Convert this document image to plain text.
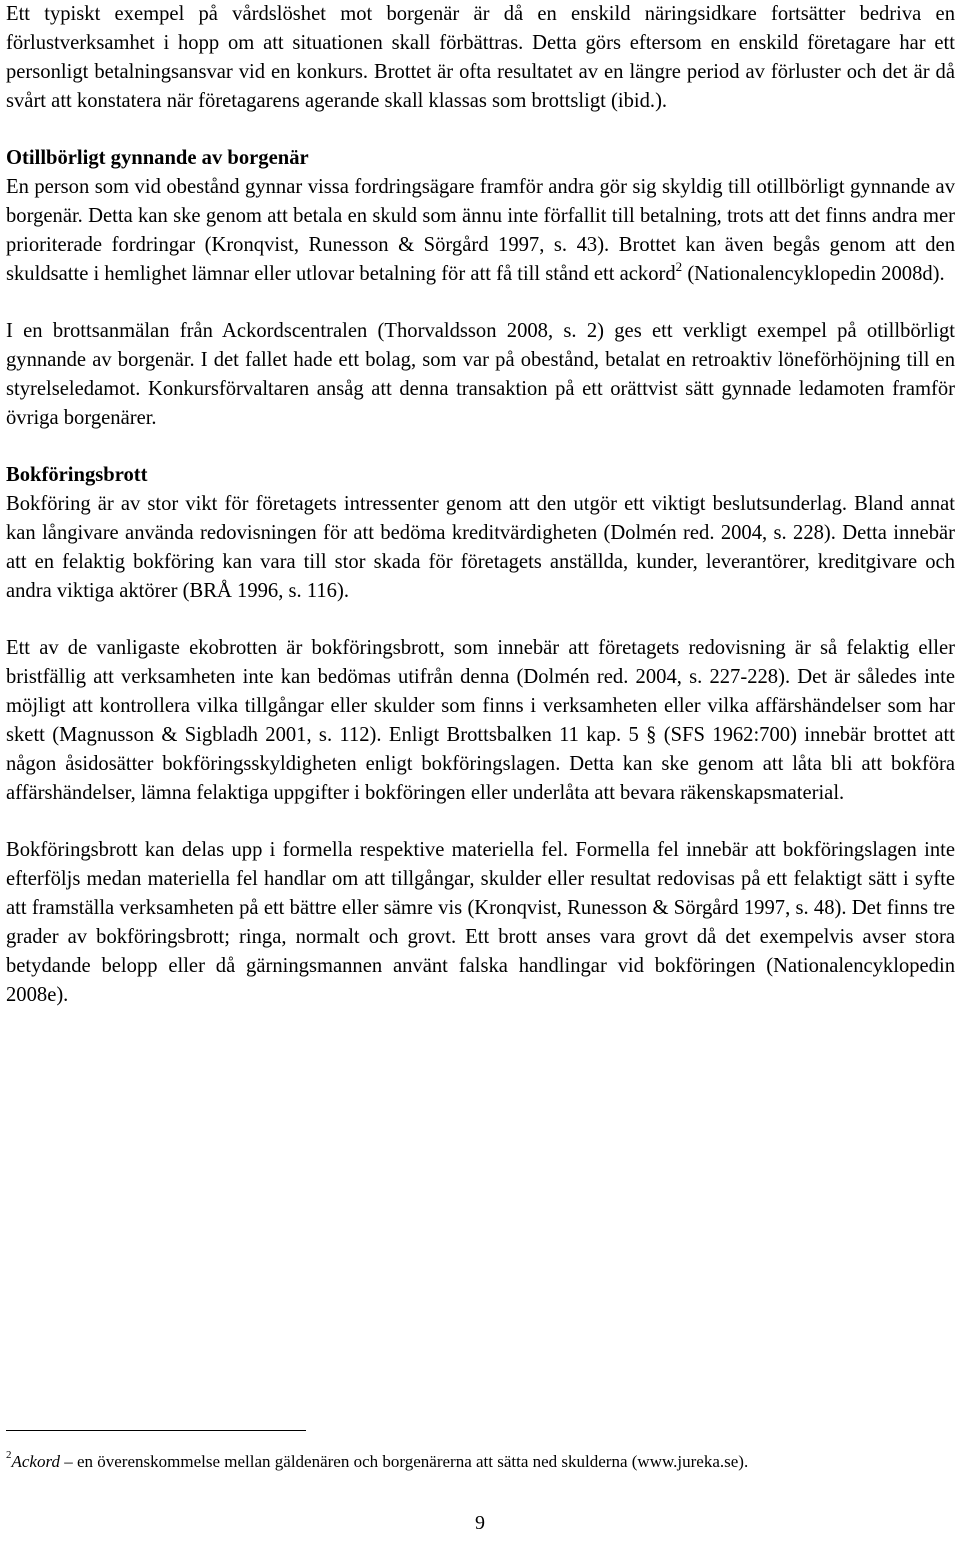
Ett typiskt exempel på vårdslöshet mot borgenär är då en enskild näringsidkare fortsätter bedriva en förlustverksamhet i hopp om att situationen skall förbättras. Detta görs eftersom en enskild företagare har ett personligt betalningsansvar vid en konkurs. Brottet är ofta resultatet av en längre period av förluster och det är då svårt att konstatera när företagarens agerande skall klassas som brottsligt (ibid.).

Otillbörligt gynnande av borgenär

En person som vid obestånd gynnar vissa fordringsägare framför andra gör sig skyldig till otillbörligt gynnande av borgenär. Detta kan ske genom att betala en skuld som ännu inte förfallit till betalning, trots att det finns andra mer prioriterade fordringar (Kronqvist, Runesson & Sörgård 1997, s. 43). Brottet kan även begås genom att den skuldsatte i hemlighet lämnar eller utlovar betalning för att få till stånd ett ackord$^2$ (Nationalencyklopedin 2008d).

I en brottsanmälan från Ackordscentralen (Thorvaldsson 2008, s. 2) ges ett verkligt exempel på otillbörligt gynnande av borgenär. I det fallet hade ett bolag, som var på obestånd, betalat en retroaktiv löneförhöjning till en styrelseledamot. Konkursförvaltaren ansåg att denna transaktion på ett orättvist sätt gynnade ledamoten framför övriga borgenärer.

Bokföringsbrott

Bokföring är av stor vikt för företagets intressenter genom att den utgör ett viktigt beslutsunderlag. Bland annat kan långivare använda redovisningen för att bedöma kreditvärdigheten (Dolmén red. 2004, s. 228). Detta innebär att en felaktig bokföring kan vara till stor skada för företagets anställda, kunder, leverantörer, kreditgivare och andra viktiga aktörer (BRÅ 1996, s. 116).

Ett av de vanligaste ekobrotten är bokföringsbrott, som innebär att företagets redovisning är så felaktig eller bristfällig att verksamheten inte kan bedömas utifrån denna (Dolmén red. 2004, s. 227-228). Det är således inte möjligt att kontrollera vilka tillgångar eller skulder som finns i verksamheten eller vilka affärshändelser som har skett (Magnusson & Sigbladh 2001, s. 112). Enligt Brottsbalken 11 kap. 5 § (SFS 1962:700) innebär brottet att någon åsidosätter bokföringsskyldigheten enligt bokföringslagen. Detta kan ske genom att låta bli att bokföra affärshändelser, lämna felaktiga uppgifter i bokföringen eller underlåta att bevara räkenskapsmaterial.

Bokföringsbrott kan delas upp i formella respektive materiella fel. Formella fel innebär att bokföringslagen inte efterföljs medan materiella fel handlar om att tillgångar, skulder eller resultat redovisas på ett felaktigt sätt i syfte att framställa verksamheten på ett bättre eller sämre vis (Kronqvist, Runesson & Sörgård 1997, s. 48). Det finns tre grader av bokföringsbrott; ringa, normalt och grovt. Ett brott anses vara grovt då det exempelvis avser stora betydande belopp eller då gärningsmannen använt falska handlingar vid bokföringen (Nationalencyklopedin 2008e).

$^2$Ackord – en överenskommelse mellan gäldenären och borgenärerna att sätta ned skulderna (www.jureka.se).

9
